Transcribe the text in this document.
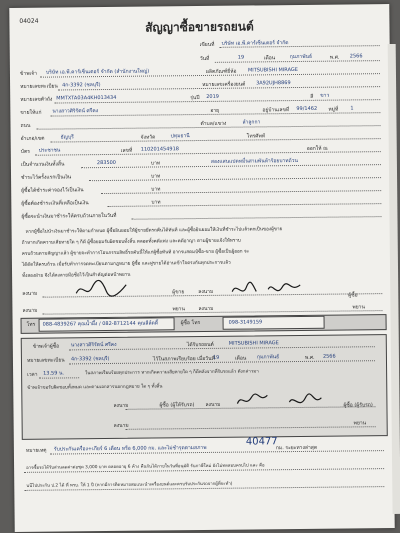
04024	สัญญาซื้อขายรถยนต์
เขียนที่ บริษัท เอ.พี.คาร์เซ็นเตอร์ จำกัด
วันที่	19	เดือน	กุมภาพันธ์	พ.ศ. 2566
ข้าพเจ้า บริษัท เอ.พี.คาร์เซ็นเตอร์ จำกัด (สำนักงานใหญ่)	ผลิตภัณฑ์ยี่ห้อ MITSUBISHI MIRAGE
หมายเลขทะเบียน 4ก-3392 (ชลบุรี)	หมายเลขเครื่องยนต์ 3A92UJH8869
หมายเลขตัวถัง MMTXTA03A4KH013434	รุ่นปี 2019	สี ขาว
ขายให้แก่ นางสาวศิริรัตน์ ศรีคง	อายุ	อยู่บ้านเลขที่ 99/1462 หมู่ที่ 1
ถนน	ตำบล/แขวง	ลำลูกกา
อำเภอ/เขต	ธัญบุรี	จังหวัด	ปทุมธานี	โทรศัพท์
บัตร ประชาชน	เลขที่ 110201454918	ออกให้ ณ
เป็นจำนวนเงินทั้งสิ้น	283500	บาท	สองแสนแปดหมื่นสามพันห้าร้อยบาทถ้วน
ชำระไว้ครั้งแรกเป็นเงิน	บาท
ผู้ซื้อได้ชำระค่าจองไว้เป็นเงิน	บาท
ผู้ซื้อต้องชำระเงินที่เหลือเป็นเงิน	บาท
ผู้ซื้อจะนำเงินมาชำระให้ครบถ้วนภายในวันที่
หากผู้ซื้อไม่นำเงินมาชำระให้ตามกำหนด ผู้ซื้อยินยอมให้ผู้ขายยึดรถคืนได้ทันที และผู้ซื้อยินยอมให้เงินที่ชำระไปแล้วตกเป็นของผู้ขาย
ถ้าหากเกิดความเสียหายใด ๆ ก็ดี ผู้ซื้อยอมรับผิดชอบทั้งสิ้น ตลอดทั้งคดีแพ่ง และคดีอาญา ตามผู้ขายแจ้งให้ทราบ
ครบถ้วนตามสัญญาแล้ว ผู้ขายจะทำการโอนกรรมสิทธิ์รถคันนี้ให้แก่ผู้ซื้อทันที อากรแสตมป์ซื้อ-ขาย ผู้ซื้อเป็นผู้ออก จะ
ได้ตัดให้ครบถ้วน เมื่อรับทำการจดทะเบียนตามกฎหมาย ผู้ซื้อ และผู่ขายได้อ่านเข้าใจตรงกันทุกประการแล้ว
ทั้งสองฝ่าย จึงได้ลงลายมือชื่อไว้เป็นสำคัญต่อหน้าพยาน
ลงนาม	ผู้ขาย	ลงนาม
ผู้ซื้อ
ลงนาม	พยาน	ลงนาม	พยาน
โทร 088-4839267 คุณน้ำผึ้ง / 082-8712144 คุณลีล์ดดี้	ผู้ซื้อ โทร	098-3149159
ข้าพเจ้าผู้ซื้อ นางสาวศิริรัตน์ ศรีคง	ได้รับรถยนต์	MITSUBISHI MIRAGE
หมายเลขทะเบียน 4ก-3392 (ชลบุรี)	ไว้ในสภาพเรียบร้อย เมื่อวันที่
19	เดือน กุมภาพันธ์	พ.ศ. 2566
เวลา 13.59 น.	ในสภาพเรียบร้อยทุกประการ หากเกิดความเสียหายใด ๆ ก็ดีหลังจากที่รับรถแล้ว ตังกล่าวมา
ข้าพเจ้าขอรับผิดชอบทั้งหมด และตามเอกสารนอกกฎหมาย ใด ๆ ทั้งสิ้น
ลงนาม	ผู้ซื้อ (ผู้ให้รับรถ) ลงนาม	ผู้ซื้อ (ผู้รับรถ)
ลงนาม	พยาน
หมายเหตุ รับประกันเครื่อง+เกียร์ 6 เดือน หรือ 6,000 กม. และไม่ชำรุดตามสภาพ	กม. ระยะทางล่าสุด
40477
อาจซื้อรถได้รับส่วนลดค่าต่อชุด 3,000 บาท ตลอดอายุ 6 ค้าง คืนกันได้ภายในวันที่อนุมัติ รับภาษีใหม่ ยังไม่ทดสอบครบไป และ คือ
นนีไปประกัน ป.2 ได้ ที่ พรบ. ให้ 1 ปี (หากมีการติดหมายสมแนะนำเครื่องยนต์และครบรับประกันรถจากผู้ที่จะทำ)
